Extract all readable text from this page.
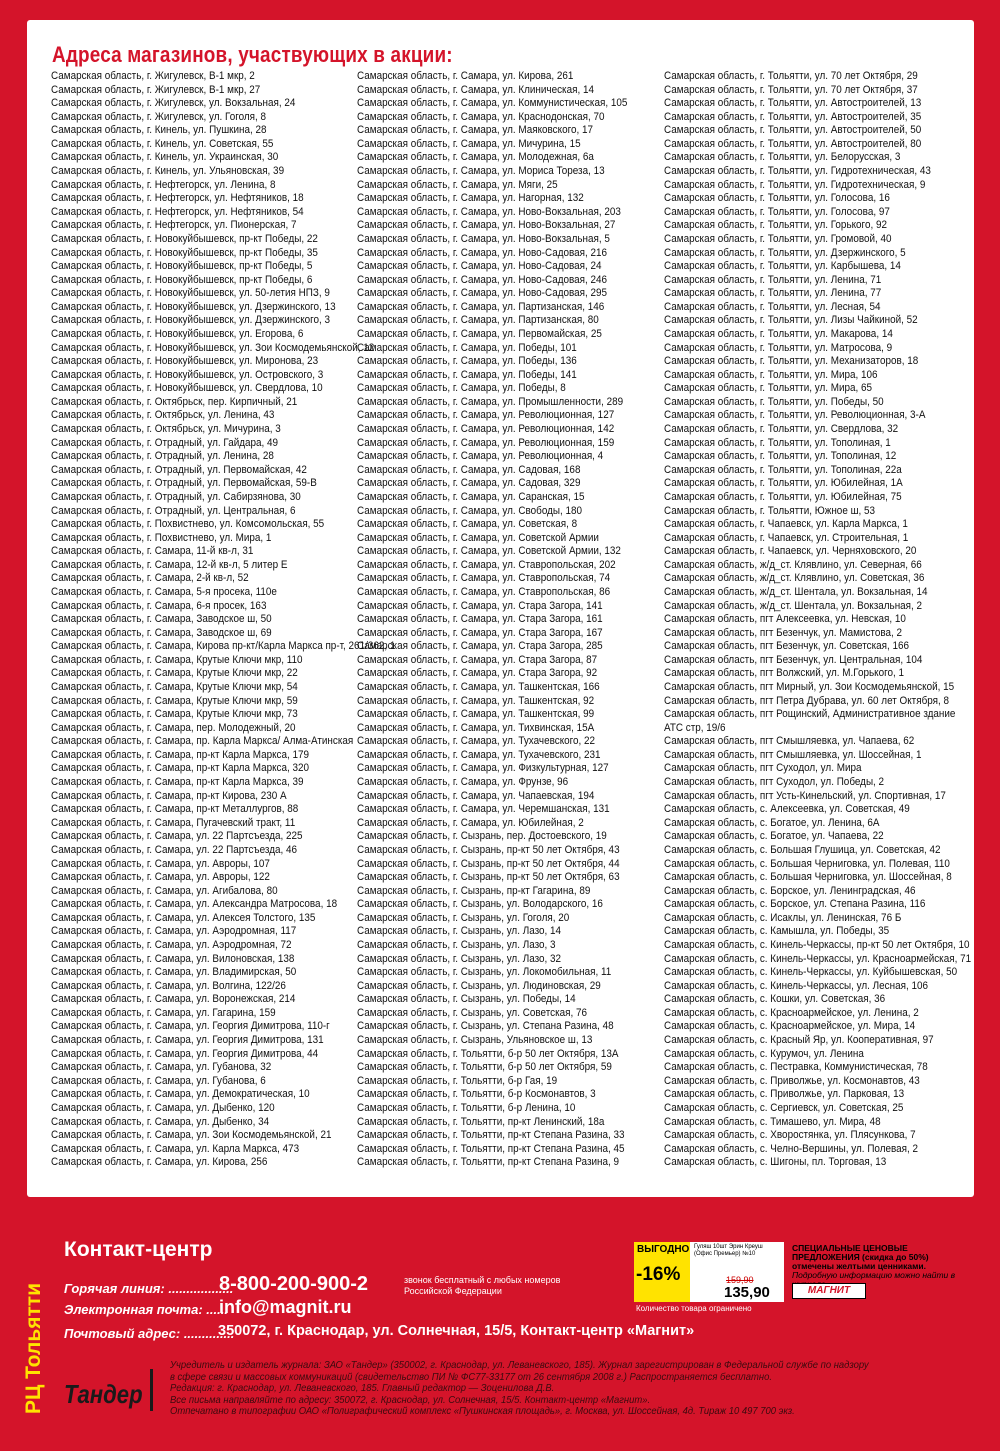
Адреса магазинов, участвующих в акции:
Самарская область, г. Жигулевск, В-1 мкр, 2
Самарская область, г. Жигулевск, В-1 мкр, 27
Самарская область, г. Жигулевск, ул. Вокзальная, 24
Самарская область, г. Жигулевск, ул. Гоголя, 8
Самарская область, г. Кинель, ул. Пушкина, 28
Самарская область, г. Кинель, ул. Советская, 55
Самарская область, г. Кинель, ул. Украинская, 30
Самарская область, г. Кинель, ул. Ульяновская, 39
Самарская область, г. Нефтегорск, ул. Ленина, 8
Самарская область, г. Нефтегорск, ул. Нефтяников, 18
Самарская область, г. Нефтегорск, ул. Нефтяников, 54
Самарская область, г. Нефтегорск, ул. Пионерская, 7
Самарская область, г. Новокуйбышевск, пр-кт Победы, 22
Самарская область, г. Новокуйбышевск, пр-кт Победы, 35
Самарская область, г. Новокуйбышевск, пр-кт Победы, 5
Самарская область, г. Новокуйбышевск, пр-кт Победы, 6
Самарская область, г. Новокуйбышевск, ул. 50-летия НПЗ, 9
Самарская область, г. Новокуйбышевск, ул. Дзержинского, 13
Самарская область, г. Новокуйбышевск, ул. Дзержинского, 3
Самарская область, г. Новокуйбышевск, ул. Егорова, 6
Самарская область, г. Новокуйбышевск, ул. Зои Космодемьянской, 12
Самарская область, г. Новокуйбышевск, ул. Миронова, 23
Самарская область, г. Новокуйбышевск, ул. Островского, 3
Самарская область, г. Новокуйбышевск, ул. Свердлова, 10
Самарская область, г. Октябрьск, пер. Кирпичный, 21
Самарская область, г. Октябрьск, ул. Ленина, 43
Самарская область, г. Октябрьск, ул. Мичурина, 3
Самарская область, г. Отрадный, ул. Гайдара, 49
Самарская область, г. Отрадный, ул. Ленина, 28
Самарская область, г. Отрадный, ул. Первомайская, 42
Самарская область, г. Отрадный, ул. Первомайская, 59-В
Самарская область, г. Отрадный, ул. Сабирзянова, 30
Самарская область, г. Отрадный, ул. Центральная, 6
Самарская область, г. Похвистнево, ул. Комсомольская, 55
Самарская область, г. Похвистнево, ул. Мира, 1
Самарская область, г. Самара, 11-й кв-л, 31
Самарская область, г. Самара, 12-й кв-л, 5 литер Е
Самарская область, г. Самара, 2-й кв-л, 52
Самарская область, г. Самара, 5-я просека, 110е
Самарская область, г. Самара, 6-я просек, 163
Самарская область, г. Самара, Заводское ш, 50
Самарская область, г. Самара, Заводское ш, 69
Самарская область, г. Самара, Кирова пр-кт/Карла Маркса пр-т, 261/362, 1
Самарская область, г. Самара, Крутые Ключи мкр, 110
Самарская область, г. Самара, Крутые Ключи мкр, 22
Самарская область, г. Самара, Крутые Ключи мкр, 54
Самарская область, г. Самара, Крутые Ключи мкр, 59
Самарская область, г. Самара, Крутые Ключи мкр, 73
Самарская область, г. Самара, пер. Молодежный, 20
Самарская область, г. Самара, пр. Карла Маркса/ Алма-Атинская
Самарская область, г. Самара, пр-кт Карла Маркса, 179
Самарская область, г. Самара, пр-кт Карла Маркса, 320
Самарская область, г. Самара, пр-кт Карла Маркса, 39
Самарская область, г. Самара, пр-кт Кирова, 230 А
Самарская область, г. Самара, пр-кт Металлургов, 88
Самарская область, г. Самара, Пугачевский тракт, 11
Самарская область, г. Самара, ул. 22 Партсъезда, 225
Самарская область, г. Самара, ул. 22 Партсъезда, 46
Самарская область, г. Самара, ул. Авроры, 107
Самарская область, г. Самара, ул. Авроры, 122
Самарская область, г. Самара, ул. Агибалова, 80
Самарская область, г. Самара, ул. Александра Матросова, 18
Самарская область, г. Самара, ул. Алексея Толстого, 135
Самарская область, г. Самара, ул. Аэродромная, 117
Самарская область, г. Самара, ул. Аэродромная, 72
Самарская область, г. Самара, ул. Вилоновская, 138
Самарская область, г. Самара, ул. Владимирская, 50
Самарская область, г. Самара, ул. Волгина, 122/26
Самарская область, г. Самара, ул. Воронежская, 214
Самарская область, г. Самара, ул. Гагарина, 159
Самарская область, г. Самара, ул. Георгия Димитрова, 110-г
Самарская область, г. Самара, ул. Георгия Димитрова, 131
Самарская область, г. Самара, ул. Георгия Димитрова, 44
Самарская область, г. Самара, ул. Губанова, 32
Самарская область, г. Самара, ул. Губанова, 6
Самарская область, г. Самара, ул. Демократическая, 10
Самарская область, г. Самара, ул. Дыбенко, 120
Самарская область, г. Самара, ул. Дыбенко, 34
Самарская область, г. Самара, ул. Зои Космодемьянской, 21
Самарская область, г. Самара, ул. Карла Маркса, 473
Самарская область, г. Самара, ул. Кирова, 256
Самарская область, г. Самара, ул. Кирова, 261
Самарская область, г. Самара, ул. Клиническая, 14
Самарская область, г. Самара, ул. Коммунистическая, 105
Самарская область, г. Самара, ул. Краснодонская, 70
Самарская область, г. Самара, ул. Маяковского, 17
Самарская область, г. Самара, ул. Мичурина, 15
Самарская область, г. Самара, ул. Молодежная, 6а
Самарская область, г. Самара, ул. Мориса Тореза, 13
Самарская область, г. Самара, ул. Мяги, 25
Самарская область, г. Самара, ул. Нагорная, 132
Самарская область, г. Самара, ул. Ново-Вокзальная, 203
Самарская область, г. Самара, ул. Ново-Вокзальная, 27
Самарская область, г. Самара, ул. Ново-Вокзальная, 5
Самарская область, г. Самара, ул. Ново-Садовая, 216
Самарская область, г. Самара, ул. Ново-Садовая, 24
Самарская область, г. Самара, ул. Ново-Садовая, 246
Самарская область, г. Самара, ул. Ново-Садовая, 295
Самарская область, г. Самара, ул. Партизанская, 146
Самарская область, г. Самара, ул. Партизанская, 80
Самарская область, г. Самара, ул. Первомайская, 25
Самарская область, г. Самара, ул. Победы, 101
Самарская область, г. Самара, ул. Победы, 136
Самарская область, г. Самара, ул. Победы, 141
Самарская область, г. Самара, ул. Победы, 8
Самарская область, г. Самара, ул. Промышленности, 289
Самарская область, г. Самара, ул. Революционная, 127
Самарская область, г. Самара, ул. Революционная, 142
Самарская область, г. Самара, ул. Революционная, 159
Самарская область, г. Самара, ул. Революционная, 4
Самарская область, г. Самара, ул. Садовая, 168
Самарская область, г. Самара, ул. Садовая, 329
Самарская область, г. Самара, ул. Саранская, 15
Самарская область, г. Самара, ул. Свободы, 180
Самарская область, г. Самара, ул. Советская, 8
Самарская область, г. Самара, ул. Советской Армии
Самарская область, г. Самара, ул. Советской Армии, 132
Самарская область, г. Самара, ул. Ставропольская, 202
Самарская область, г. Самара, ул. Ставропольская, 74
Самарская область, г. Самара, ул. Ставропольская, 86
Самарская область, г. Самара, ул. Стара Загора, 141
Самарская область, г. Самара, ул. Стара Загора, 161
Самарская область, г. Самара, ул. Стара Загора, 167
Самарская область, г. Самара, ул. Стара Загора, 285
Самарская область, г. Самара, ул. Стара Загора, 87
Самарская область, г. Самара, ул. Стара Загора, 92
Самарская область, г. Самара, ул. Ташкентская, 166
Самарская область, г. Самара, ул. Ташкентская, 92
Самарская область, г. Самара, ул. Ташкентская, 99
Самарская область, г. Самара, ул. Тихвинская, 15А
Самарская область, г. Самара, ул. Тухачевского, 22
Самарская область, г. Самара, ул. Тухачевского, 231
Самарская область, г. Самара, ул. Физкультурная, 127
Самарская область, г. Самара, ул. Фрунзе, 96
Самарская область, г. Самара, ул. Чапаевская, 194
Самарская область, г. Самара, ул. Черемшанская, 131
Самарская область, г. Самара, ул. Юбилейная, 2
Самарская область, г. Сызрань, пер. Достоевского, 19
Самарская область, г. Сызрань, пр-кт 50 лет Октября, 43
Самарская область, г. Сызрань, пр-кт 50 лет Октября, 44
Самарская область, г. Сызрань, пр-кт 50 лет Октября, 63
Самарская область, г. Сызрань, пр-кт Гагарина, 89
Самарская область, г. Сызрань, ул. Володарского, 16
Самарская область, г. Сызрань, ул. Гоголя, 20
Самарская область, г. Сызрань, ул. Лазо, 14
Самарская область, г. Сызрань, ул. Лазо, 3
Самарская область, г. Сызрань, ул. Лазо, 32
Самарская область, г. Сызрань, ул. Локомобильная, 11
Самарская область, г. Сызрань, ул. Людиновская, 29
Самарская область, г. Сызрань, ул. Победы, 14
Самарская область, г. Сызрань, ул. Советская, 76
Самарская область, г. Сызрань, ул. Степана Разина, 48
Самарская область, г. Сызрань, Ульяновское ш, 13
Самарская область, г. Тольятти, б-р 50 лет Октября, 13А
Самарская область, г. Тольятти, б-р 50 лет Октября, 59
Самарская область, г. Тольятти, б-р Гая, 19
Самарская область, г. Тольятти, б-р Космонавтов, 3
Самарская область, г. Тольятти, б-р Ленина, 10
Самарская область, г. Тольятти, пр-кт Ленинский, 18а
Самарская область, г. Тольятти, пр-кт Степана Разина, 33
Самарская область, г. Тольятти, пр-кт Степана Разина, 45
Самарская область, г. Тольятти, пр-кт Степана Разина, 9
Самарская область, г. Тольятти, ул. 70 лет Октября, 29
Самарская область, г. Тольятти, ул. 70 лет Октября, 37
Самарская область, г. Тольятти, ул. Автостроителей, 13
Самарская область, г. Тольятти, ул. Автостроителей, 35
Самарская область, г. Тольятти, ул. Автостроителей, 50
Самарская область, г. Тольятти, ул. Автостроителей, 80
Самарская область, г. Тольятти, ул. Белорусская, 3
Самарская область, г. Тольятти, ул. Гидротехническая, 43
Самарская область, г. Тольятти, ул. Гидротехническая, 9
Самарская область, г. Тольятти, ул. Голосова, 16
Самарская область, г. Тольятти, ул. Голосова, 97
Самарская область, г. Тольятти, ул. Горького, 92
Самарская область, г. Тольятти, ул. Громовой, 40
Самарская область, г. Тольятти, ул. Дзержинского, 5
Самарская область, г. Тольятти, ул. Карбышева, 14
Самарская область, г. Тольятти, ул. Ленина, 71
Самарская область, г. Тольятти, ул. Ленина, 77
Самарская область, г. Тольятти, ул. Лесная, 54
Самарская область, г. Тольятти, ул. Лизы Чайкиной, 52
Самарская область, г. Тольятти, ул. Макарова, 14
Самарская область, г. Тольятти, ул. Матросова, 9
Самарская область, г. Тольятти, ул. Механизаторов, 18
Самарская область, г. Тольятти, ул. Мира, 106
Самарская область, г. Тольятти, ул. Мира, 65
Самарская область, г. Тольятти, ул. Победы, 50
Самарская область, г. Тольятти, ул. Революционная, 3-А
Самарская область, г. Тольятти, ул. Свердлова, 32
Самарская область, г. Тольятти, ул. Тополиная, 1
Самарская область, г. Тольятти, ул. Тополиная, 12
Самарская область, г. Тольятти, ул. Тополиная, 22а
Самарская область, г. Тольятти, ул. Юбилейная, 1А
Самарская область, г. Тольятти, ул. Юбилейная, 75
Самарская область, г. Тольятти, Южное ш, 53
Самарская область, г. Чапаевск, ул. Карла Маркса, 1
Самарская область, г. Чапаевск, ул. Строительная, 1
Самарская область, г. Чапаевск, ул. Черняховского, 20
Самарская область, ж/д_ст. Клявлино, ул. Северная, 66
Самарская область, ж/д_ст. Клявлино, ул. Советская, 36
Самарская область, ж/д_ст. Шентала, ул. Вокзальная, 14
Самарская область, ж/д_ст. Шентала, ул. Вокзальная, 2
Самарская область, пгт Алексеевка, ул. Невская, 10
Самарская область, пгт Безенчук, ул. Мамистова, 2
Самарская область, пгт Безенчук, ул. Советская, 166
Самарская область, пгт Безенчук, ул. Центральная, 104
Самарская область, пгт Волжский, ул. М.Горького, 1
Самарская область, пгт Мирный, ул. Зои Космодемьянской, 15
Самарская область, пгт Петра Дубрава, ул. 60 лет Октября, 8
Самарская область, пгт Рощинский, Административное здание
АТС стр, 19/6
Самарская область, пгт Смышляевка, ул. Чапаева, 62
Самарская область, пгт Смышляевка, ул. Шоссейная, 1
Самарская область, пгт Суходол, ул. Мира
Самарская область, пгт Суходол, ул. Победы, 2
Самарская область, пгт Усть-Кинельский, ул. Спортивная, 17
Самарская область, с. Алексеевка, ул. Советская, 49
Самарская область, с. Богатое, ул. Ленина, 6А
Самарская область, с. Богатое, ул. Чапаева, 22
Самарская область, с. Большая Глушица, ул. Советская, 42
Самарская область, с. Большая Черниговка, ул. Полевая, 110
Самарская область, с. Большая Черниговка, ул. Шоссейная, 8
Самарская область, с. Борское, ул. Ленинградская, 46
Самарская область, с. Борское, ул. Степана Разина, 116
Самарская область, с. Исаклы, ул. Ленинская, 76 Б
Самарская область, с. Камышла, ул. Победы, 35
Самарская область, с. Кинель-Черкассы, пр-кт 50 лет Октября, 10
Самарская область, с. Кинель-Черкассы, ул. Красноармейская, 71
Самарская область, с. Кинель-Черкассы, ул. Куйбышевская, 50
Самарская область, с. Кинель-Черкассы, ул. Лесная, 106
Самарская область, с. Кошки, ул. Советская, 36
Самарская область, с. Красноармейское, ул. Ленина, 2
Самарская область, с. Красноармейское, ул. Мира, 14
Самарская область, с. Красный Яр, ул. Кооперативная, 97
Самарская область, с. Курумоч, ул. Ленина
Самарская область, с. Пестравка, Коммунистическая, 78
Самарская область, с. Приволжье, ул. Космонавтов, 43
Самарская область, с. Приволжье, ул. Парковая, 13
Самарская область, с. Сергиевск, ул. Советская, 25
Самарская область, с. Тимашево, ул. Мира, 48
Самарская область, с. Хворостянка, ул. Плясункова, 7
Самарская область, с. Челно-Вершины, ул. Полевая, 2
Самарская область, с. Шигоны, пл. Торговая, 13
РЦ Тольятти
Контакт-центр
Горячая линия: ..................
8-800-200-900-2	звонок бесплатный с любых номеров Российской Федерации
Электронная почта: ......
info@magnit.ru
Почтовый адрес: ..............
350072, г. Краснодар, ул. Солнечная, 15/5, Контакт-центр «Магнит»
ВЫГОДНО
-16%
Гуляш 10шт Эрин Креуш (Офис Премьер) №10
159,90
135,90
Количество товара ограничено
СПЕЦИАЛЬНЫЕ ЦЕНОВЫЕ ПРЕДЛОЖЕНИЯ (скидка до 50%) отмечены желтыми ценниками.
Подробную информацию можно найти в
МАГНИТ
Тандер
Учредитель и издатель журнала: ЗАО «Тандер» (350002, г. Краснодар, ул. Леваневского, 185). Журнал зарегистрирован в Федеральной службе по надзору
в сфере связи и массовых коммуникаций (свидетельство ПИ № ФС77-33177 от 26 сентября 2008 г.) Распространяется бесплатно.
Редакция: г. Краснодар, ул. Леваневского, 185. Главный редактор — Зоценилова Д.В.
Все письма направляйте по адресу: 350072, г. Краснодар, ул. Солнечная, 15/5. Контакт-центр «Магнит».
Отпечатано в типографии ОАО «Полиграфический комплекс «Пушкинская площадь», г. Москва, ул. Шоссейная, 4д. Тираж 10 497 700 экз.
